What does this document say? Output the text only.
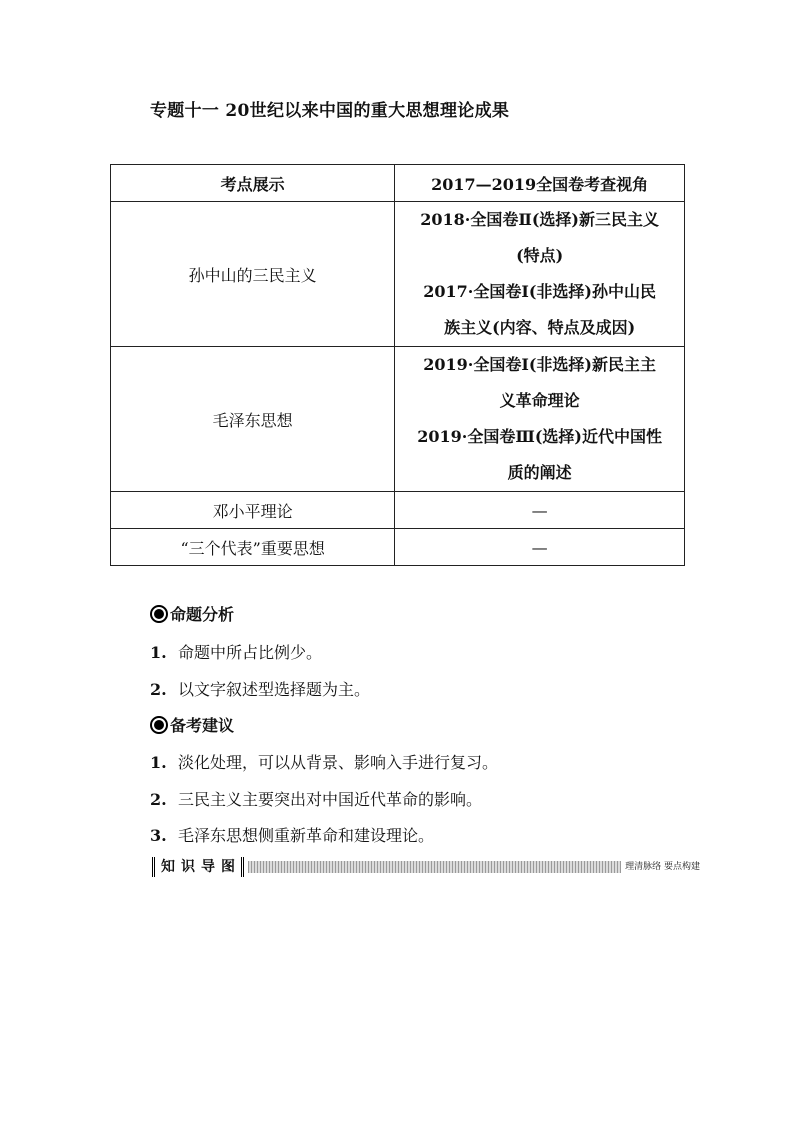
专题十一 20世纪以来中国的重大思想理论成果
考点展示	2017—2019全国卷考查视角
孙中山的三民主义	2018·全国卷Ⅱ(选择)新三民主义
(特点)
2017·全国卷Ⅰ(非选择)孙中山民
族主义(内容、特点及成因)

毛泽东思想	2019·全国卷Ⅰ(非选择)新民主主
义革命理论
2019·全国卷Ⅲ(选择)近代中国性
质的阐述

邓小平理论	—
“三个代表”重要思想	—
命题分析
1. 命题中所占比例少。
2. 以文字叙述型选择题为主。
备考建议
1. 淡化处理，可以从背景、影响入手进行复习。
2. 三民主义主要突出对中国近代革命的影响。
3. 毛泽东思想侧重新革命和建设理论。
知识导图	理清脉络 要点构建
